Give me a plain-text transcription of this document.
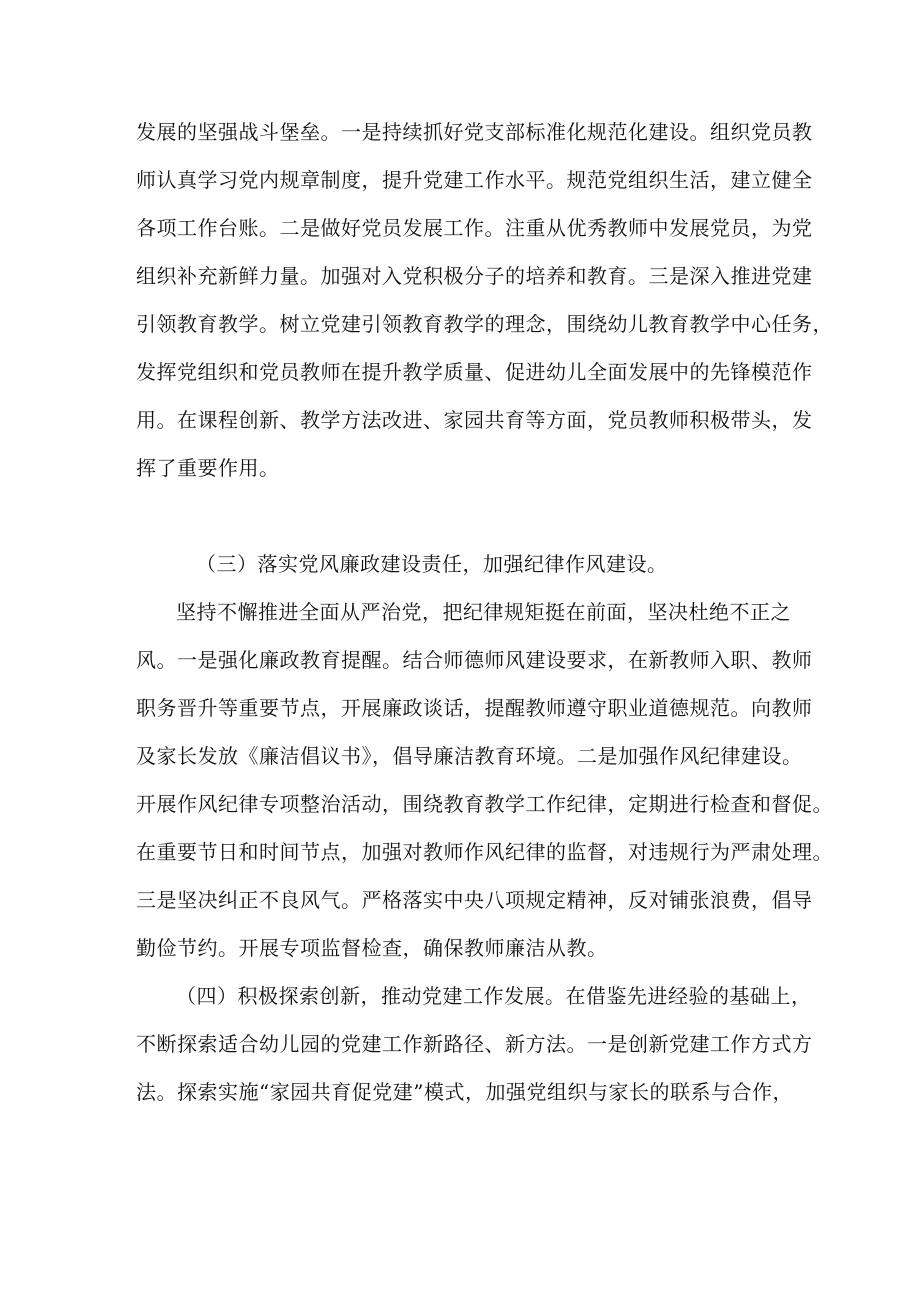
发展的坚强战斗堡垒。一是持续抓好党支部标准化规范化建设。组织党员教
师认真学习党内规章制度，提升党建工作水平。规范党组织生活，建立健全
各项工作台账。二是做好党员发展工作。注重从优秀教师中发展党员，为党
组织补充新鲜力量。加强对入党积极分子的培养和教育。三是深入推进党建
引领教育教学。树立党建引领教育教学的理念，围绕幼儿教育教学中心任务，
发挥党组织和党员教师在提升教学质量、促进幼儿全面发展中的先锋模范作
用。在课程创新、教学方法改进、家园共育等方面，党员教师积极带头，发
挥了重要作用。
（三）落实党风廉政建设责任，加强纪律作风建设。
坚持不懈推进全面从严治党，把纪律规矩挺在前面，坚决杜绝不正之
风。一是强化廉政教育提醒。结合师德师风建设要求，在新教师入职、教师
职务晋升等重要节点，开展廉政谈话，提醒教师遵守职业道德规范。向教师
及家长发放《廉洁倡议书》，倡导廉洁教育环境。二是加强作风纪律建设。
开展作风纪律专项整治活动，围绕教育教学工作纪律，定期进行检查和督促。
在重要节日和时间节点，加强对教师作风纪律的监督，对违规行为严肃处理。
三是坚决纠正不良风气。严格落实中央八项规定精神，反对铺张浪费，倡导
勤俭节约。开展专项监督检查，确保教师廉洁从教。
（四）积极探索创新，推动党建工作发展。在借鉴先进经验的基础上，
不断探索适合幼儿园的党建工作新路径、新方法。一是创新党建工作方式方
法。探索实施“家园共育促党建”模式，加强党组织与家长的联系与合作，
